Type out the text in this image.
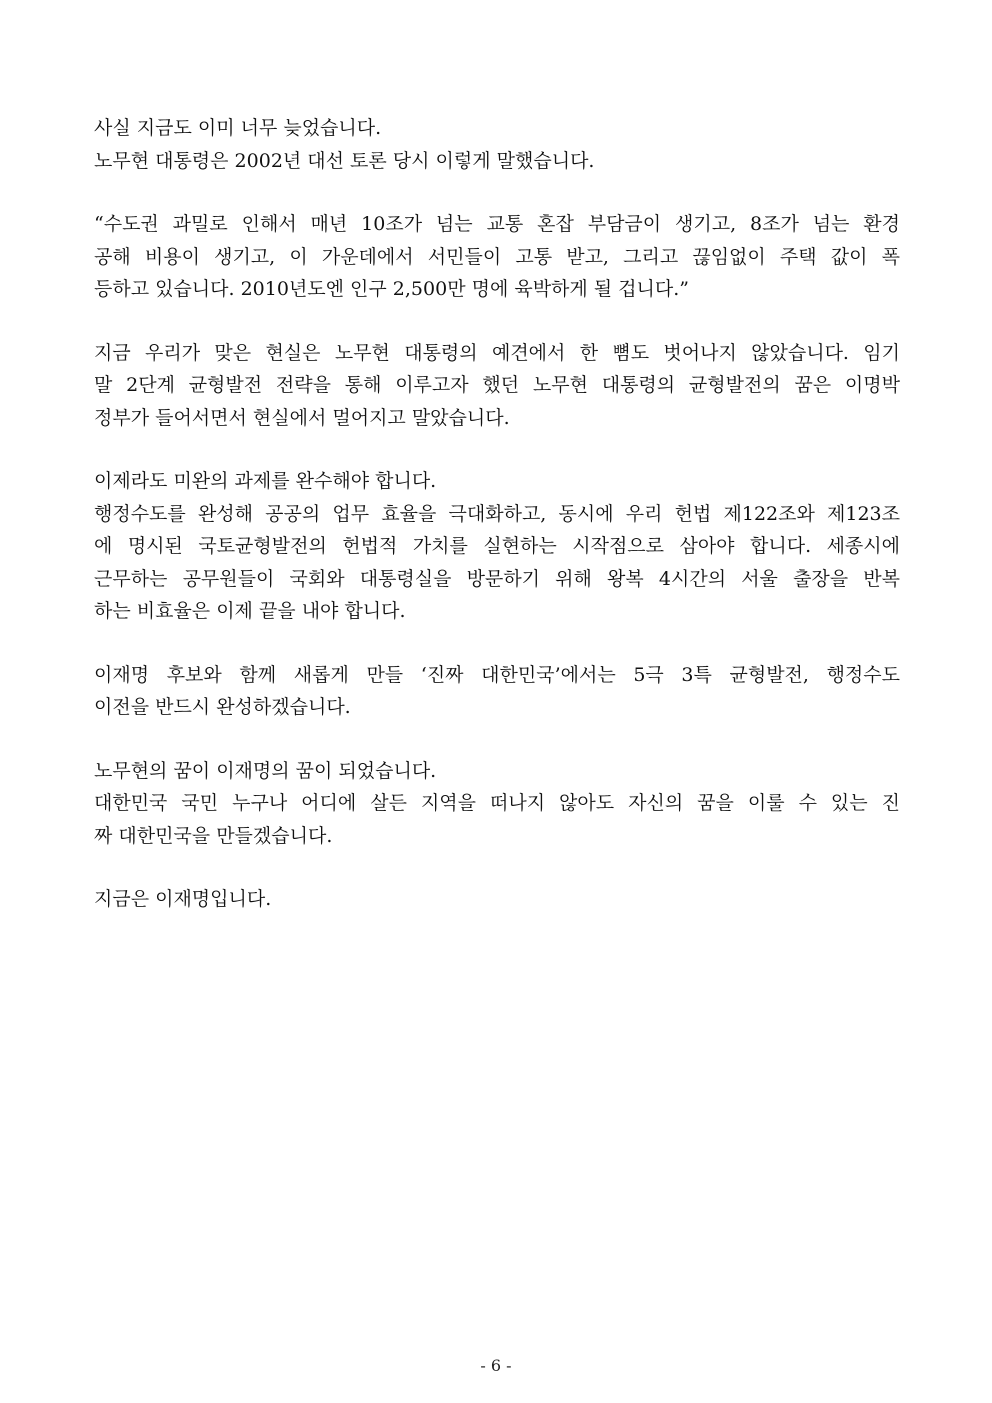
사실 지금도 이미 너무 늦었습니다.
노무현 대통령은 2002년 대선 토론 당시 이렇게 말했습니다.

“수도권 과밀로 인해서 매년 10조가 넘는 교통 혼잡 부담금이 생기고, 8조가 넘는 환경
공해 비용이 생기고, 이 가운데에서 서민들이 고통 받고, 그리고 끊임없이 주택 값이 폭
등하고 있습니다. 2010년도엔 인구 2,500만 명에 육박하게 될 겁니다.”

지금 우리가 맞은 현실은 노무현 대통령의 예견에서 한 뼘도 벗어나지 않았습니다. 임기
말 2단계 균형발전 전략을 통해 이루고자 했던 노무현 대통령의 균형발전의 꿈은 이명박
정부가 들어서면서 현실에서 멀어지고 말았습니다.

이제라도 미완의 과제를 완수해야 합니다.
행정수도를 완성해 공공의 업무 효율을 극대화하고, 동시에 우리 헌법 제122조와 제123조
에 명시된 국토균형발전의 헌법적 가치를 실현하는 시작점으로 삼아야 합니다. 세종시에
근무하는 공무원들이 국회와 대통령실을 방문하기 위해 왕복 4시간의 서울 출장을 반복
하는 비효율은 이제 끝을 내야 합니다.

이재명 후보와 함께 새롭게 만들 ‘진짜 대한민국’에서는 5극 3특 균형발전, 행정수도
이전을 반드시 완성하겠습니다.

노무현의 꿈이 이재명의 꿈이 되었습니다.
대한민국 국민 누구나 어디에 살든 지역을 떠나지 않아도 자신의 꿈을 이룰 수 있는 진
짜 대한민국을 만들겠습니다.

지금은 이재명입니다.

- 6 -
